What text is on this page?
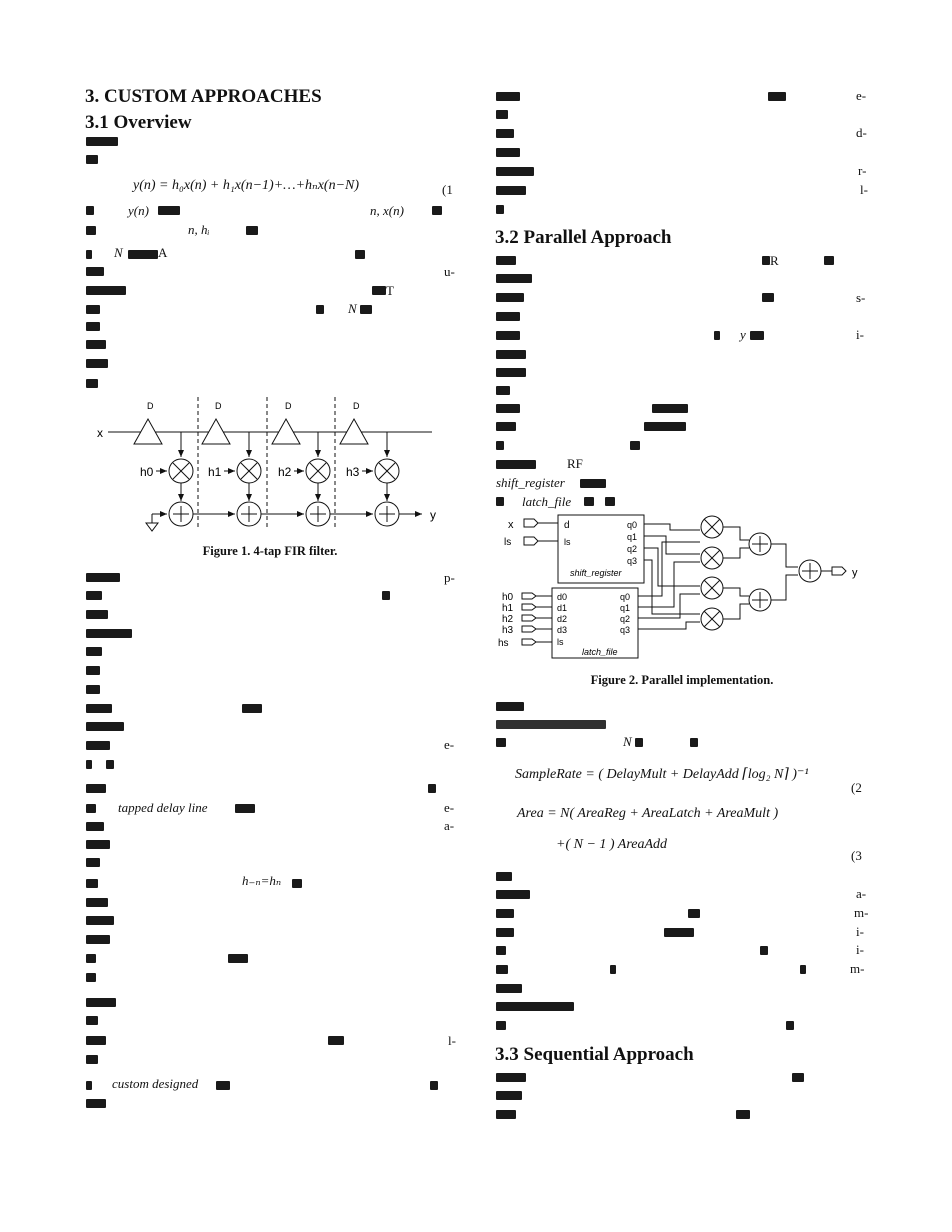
3. CUSTOM APPROACHES
3.1 Overview
y(n) = h₀x(n) + h₁x(n−1)+…+hₙx(n−N)	(1
y(n)	n, x(n)
n, hᵢ
N	A
u-
T
N
x
D	D	D	D
h0	h1	h2	h3
y
Figure 1. 4-tap FIR filter.
p-
e-
tapped delay line	e-
a-
h₋ₙ=hₙ
l-
custom designed
e-
d-
r-
l-
3.2 Parallel Approach
R
s-
y	i-
RF
shift_register
latch_file
x
ls
d
ls
q0
q1
q2
q3
shift_register
h0
h1
h2
h3
hs
d0
d1
d2
d3
ls
q0
q1
q2
q3
latch_file
y
Figure 2. Parallel implementation.
N
SampleRate = ( DelayMult + DelayAdd ⌈log₂ N⌉ )⁻¹
(2
Area = N( AreaReg + AreaLatch + AreaMult )
+( N − 1 ) AreaAdd
(3
a-
m-
i-
i-
m-
3.3 Sequential Approach
